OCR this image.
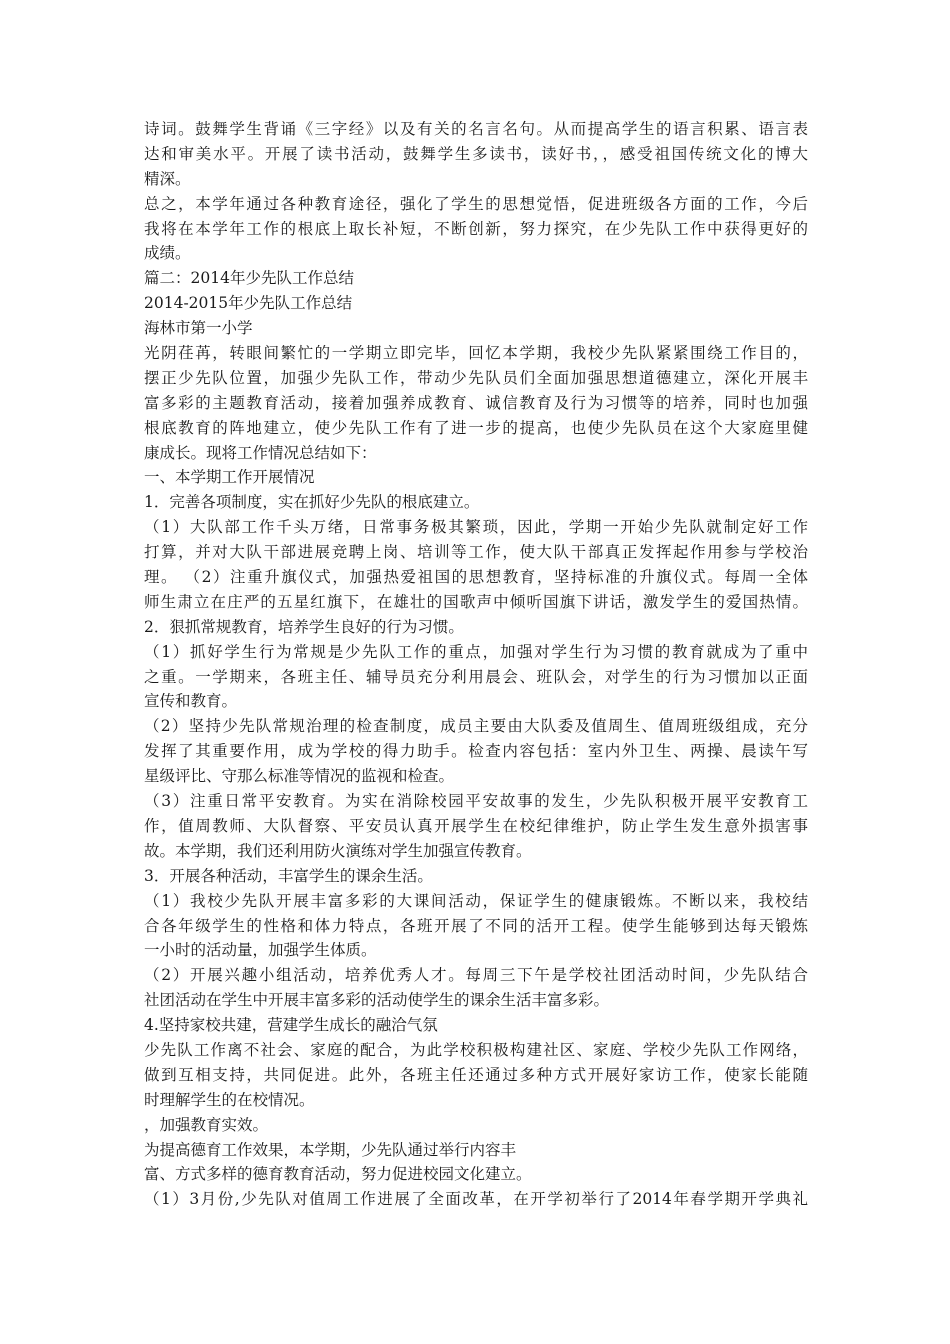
诗词。鼓舞学生背诵《三字经》以及有关的名言名句。从而提高学生的语言积累、语言表
达和审美水平。开展了读书活动，鼓舞学生多读书，读好书，，感受祖国传统文化的博大
精深。
总之，本学年通过各种教育途径，强化了学生的思想觉悟，促进班级各方面的工作，今后
我将在本学年工作的根底上取长补短，不断创新，努力探究，在少先队工作中获得更好的
成绩。
篇二：2014年少先队工作总结
2014-2015年少先队工作总结
海林市第一小学
光阴荏苒，转眼间繁忙的一学期立即完毕，回忆本学期，我校少先队紧紧围绕工作目的，
摆正少先队位置，加强少先队工作，带动少先队员们全面加强思想道德建立，深化开展丰
富多彩的主题教育活动，接着加强养成教育、诚信教育及行为习惯等的培养，同时也加强
根底教育的阵地建立，使少先队工作有了进一步的提高，也使少先队员在这个大家庭里健
康成长。现将工作情况总结如下：
一、本学期工作开展情况
1．完善各项制度，实在抓好少先队的根底建立。
（1）大队部工作千头万绪，日常事务极其繁琐，因此，学期一开始少先队就制定好工作
打算，并对大队干部进展竞聘上岗、培训等工作，使大队干部真正发挥起作用参与学校治
理。 （2）注重升旗仪式，加强热爱祖国的思想教育，坚持标准的升旗仪式。每周一全体
师生肃立在庄严的五星红旗下，在雄壮的国歌声中倾听国旗下讲话，激发学生的爱国热情。
2．狠抓常规教育，培养学生良好的行为习惯。
（1）抓好学生行为常规是少先队工作的重点，加强对学生行为习惯的教育就成为了重中
之重。一学期来，各班主任、辅导员充分利用晨会、班队会，对学生的行为习惯加以正面
宣传和教育。
（2）坚持少先队常规治理的检查制度，成员主要由大队委及值周生、值周班级组成，充分
发挥了其重要作用，成为学校的得力助手。检查内容包括：室内外卫生、两操、晨读午写
星级评比、守那么标准等情况的监视和检查。
（3）注重日常平安教育。为实在消除校园平安故事的发生，少先队积极开展平安教育工
作，值周教师、大队督察、平安员认真开展学生在校纪律维护，防止学生发生意外损害事
故。本学期，我们还利用防火演练对学生加强宣传教育。
3．开展各种活动，丰富学生的课余生活。
（1）我校少先队开展丰富多彩的大课间活动，保证学生的健康锻炼。不断以来，我校结
合各年级学生的性格和体力特点，各班开展了不同的活开工程。使学生能够到达每天锻炼
一小时的活动量，加强学生体质。
（2）开展兴趣小组活动，培养优秀人才。每周三下午是学校社团活动时间，少先队结合
社团活动在学生中开展丰富多彩的活动使学生的课余生活丰富多彩。
4.坚持家校共建，营建学生成长的融洽气氛
少先队工作离不社会、家庭的配合，为此学校积极构建社区、家庭、学校少先队工作网络，
做到互相支持，共同促进。此外，各班主任还通过多种方式开展好家访工作，使家长能随
时理解学生的在校情况。
，加强教育实效。
为提高德育工作效果，本学期，少先队通过举行内容丰
富、方式多样的德育教育活动，努力促进校园文化建立。
（1）3月份,少先队对值周工作进展了全面改革，在开学初举行了2014年春学期开学典礼
